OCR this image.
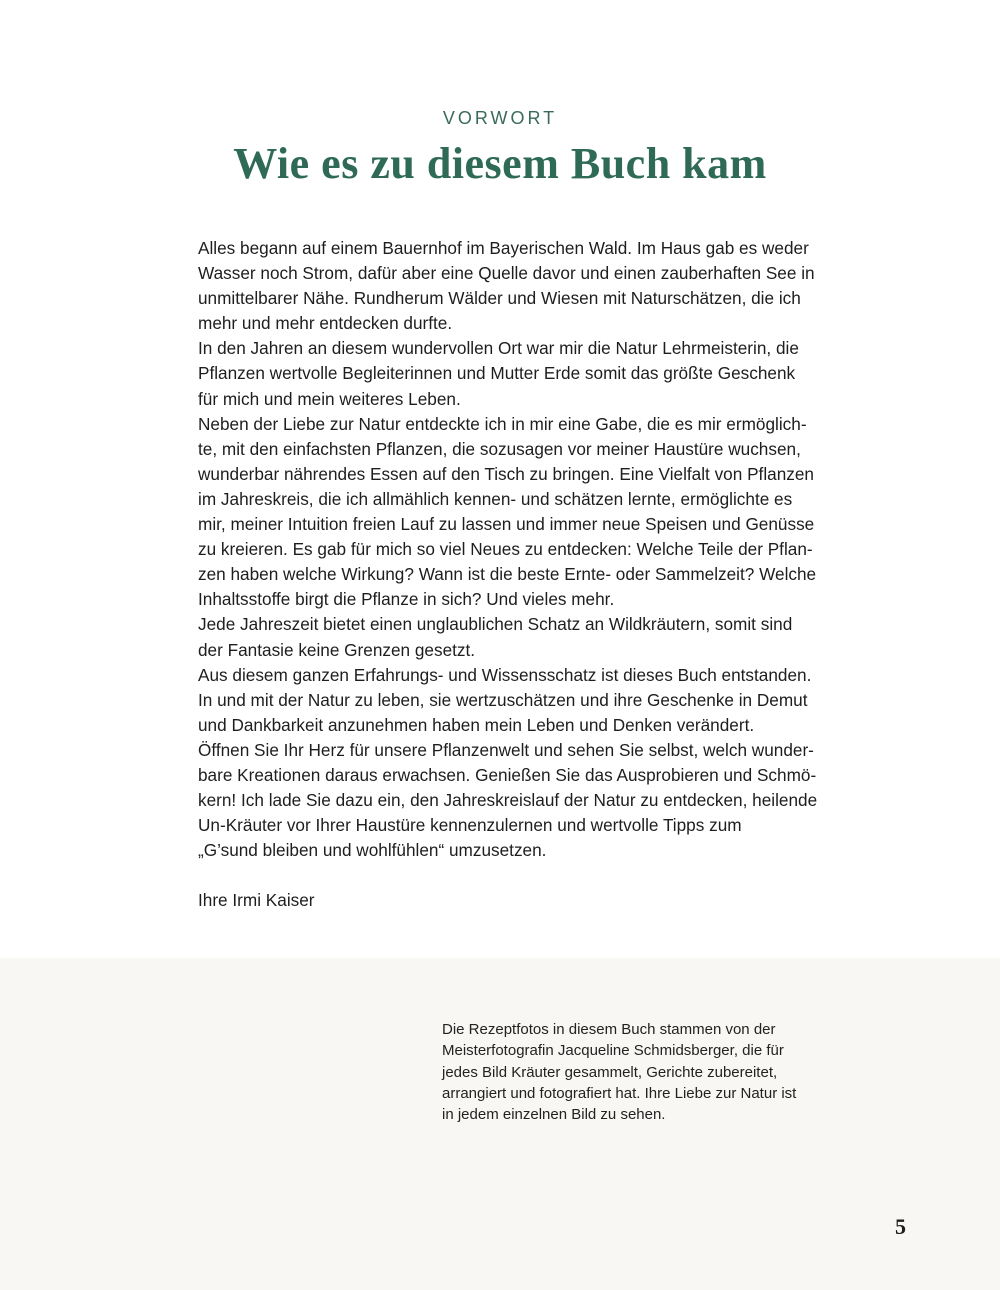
VORWORT
Wie es zu diesem Buch kam

Alles begann auf einem Bauernhof im Bayerischen Wald. Im Haus gab es weder

Wasser noch Strom, dafür aber eine Quelle davor und einen zauberhaften See in

unmittelbarer Nähe. Rundherum Wälder und Wiesen mit Naturschätzen, die ich

mehr und mehr entdecken durfte.

In den Jahren an diesem wundervollen Ort war mir die Natur Lehrmeisterin, die

Pflanzen wertvolle Begleiterinnen und Mutter Erde somit das größte Geschenk

für mich und mein weiteres Leben.

Neben der Liebe zur Natur entdeckte ich in mir eine Gabe, die es mir ermöglich-

te, mit den einfachsten Pflanzen, die sozusagen vor meiner Haustüre wuchsen,

wunderbar nährendes Essen auf den Tisch zu bringen. Eine Vielfalt von Pflanzen

im Jahreskreis, die ich allmählich kennen- und schätzen lernte, ermöglichte es

mir, meiner Intuition freien Lauf zu lassen und immer neue Speisen und Genüsse

zu kreieren. Es gab für mich so viel Neues zu entdecken: Welche Teile der Pflan-

zen haben welche Wirkung? Wann ist die beste Ernte- oder Sammelzeit? Welche

Inhaltsstoffe birgt die Pflanze in sich? Und vieles mehr.

Jede Jahreszeit bietet einen unglaublichen Schatz an Wildkräutern, somit sind

der Fantasie keine Grenzen gesetzt.

Aus diesem ganzen Erfahrungs- und Wissensschatz ist dieses Buch entstanden.

In und mit der Natur zu leben, sie wertzuschätzen und ihre Geschenke in Demut

und Dankbarkeit anzunehmen haben mein Leben und Denken verändert.

Öffnen Sie Ihr Herz für unsere Pflanzenwelt und sehen Sie selbst, welch wunder-

bare Kreationen daraus erwachsen. Genießen Sie das Ausprobieren und Schmö-

kern! Ich lade Sie dazu ein, den Jahreskreislauf der Natur zu entdecken, heilende

Un-Kräuter vor Ihrer Haustüre kennenzulernen und wertvolle Tipps zum

„G’sund bleiben und wohlfühlen“ umzusetzen.

Ihre Irmi Kaiser

Die Rezeptfotos in diesem Buch stammen von der
Meisterfotografin Jacqueline Schmidsberger, die für
jedes Bild Kräuter gesammelt, Gerichte zubereitet,
arrangiert und fotografiert hat. Ihre Liebe zur Natur ist
in jedem einzelnen Bild zu sehen.
5
